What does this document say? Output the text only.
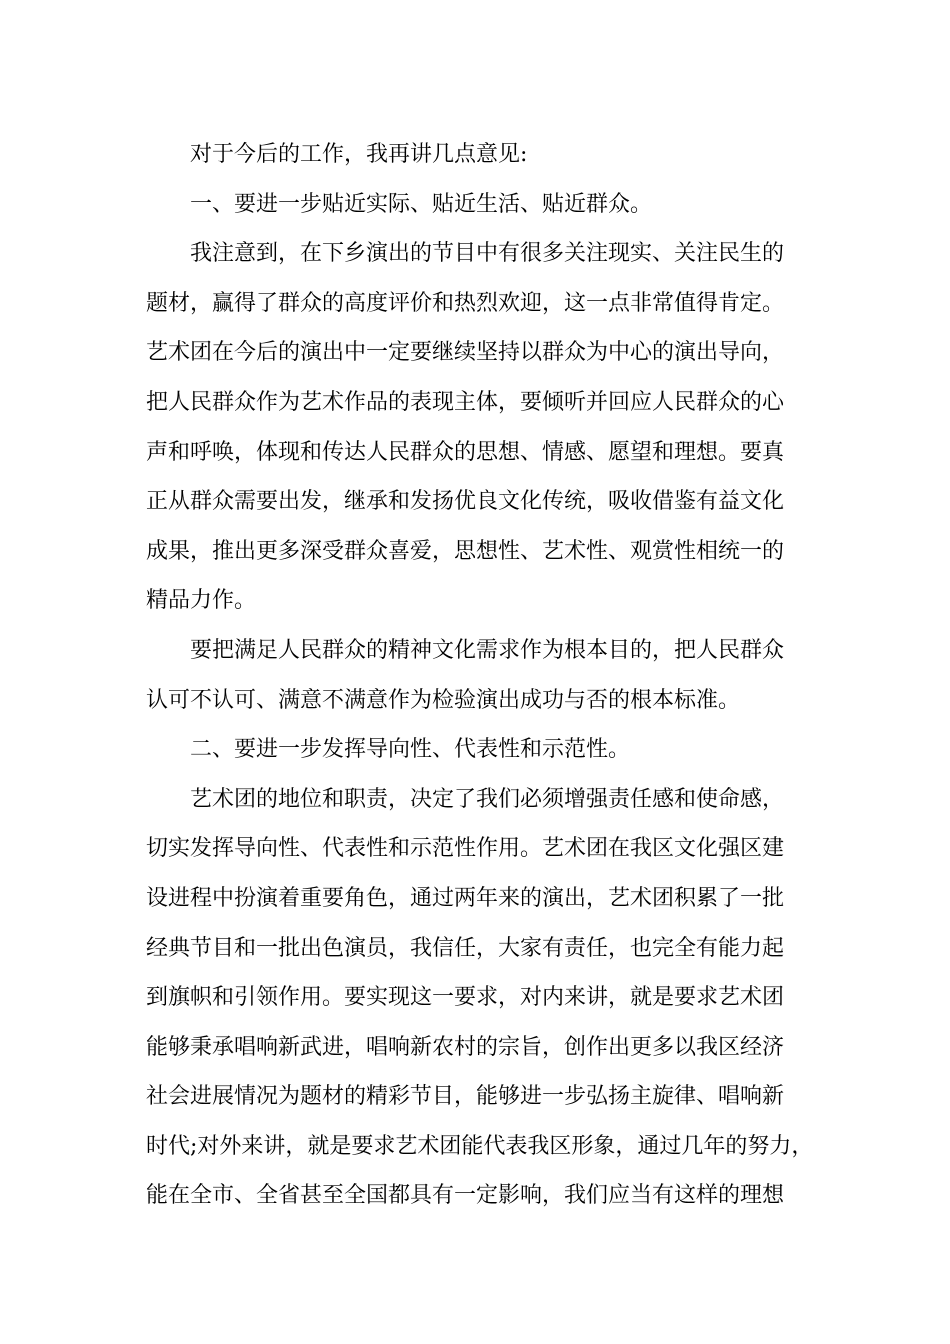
对于今后的工作，我再讲几点意见:

一、要进一步贴近实际、贴近生活、贴近群众。

我注意到，在下乡演出的节目中有很多关注现实、关注民生的
题材，赢得了群众的高度评价和热烈欢迎，这一点非常值得肯定。
艺术团在今后的演出中一定要继续坚持以群众为中心的演出导向，
把人民群众作为艺术作品的表现主体，要倾听并回应人民群众的心
声和呼唤，体现和传达人民群众的思想、情感、愿望和理想。要真
正从群众需要出发，继承和发扬优良文化传统，吸收借鉴有益文化
成果，推出更多深受群众喜爱，思想性、艺术性、观赏性相统一的
精品力作。

要把满足人民群众的精神文化需求作为根本目的，把人民群众
认可不认可、满意不满意作为检验演出成功与否的根本标准。

二、要进一步发挥导向性、代表性和示范性。

艺术团的地位和职责，决定了我们必须增强责任感和使命感，
切实发挥导向性、代表性和示范性作用。艺术团在我区文化强区建
设进程中扮演着重要角色，通过两年来的演出，艺术团积累了一批
经典节目和一批出色演员，我信任，大家有责任，也完全有能力起
到旗帜和引领作用。要实现这一要求，对内来讲，就是要求艺术团
能够秉承唱响新武进，唱响新农村的宗旨，创作出更多以我区经济
社会进展情况为题材的精彩节目，能够进一步弘扬主旋律、唱响新
时代;对外来讲，就是要求艺术团能代表我区形象，通过几年的努力，
能在全市、全省甚至全国都具有一定影响，我们应当有这样的理想
